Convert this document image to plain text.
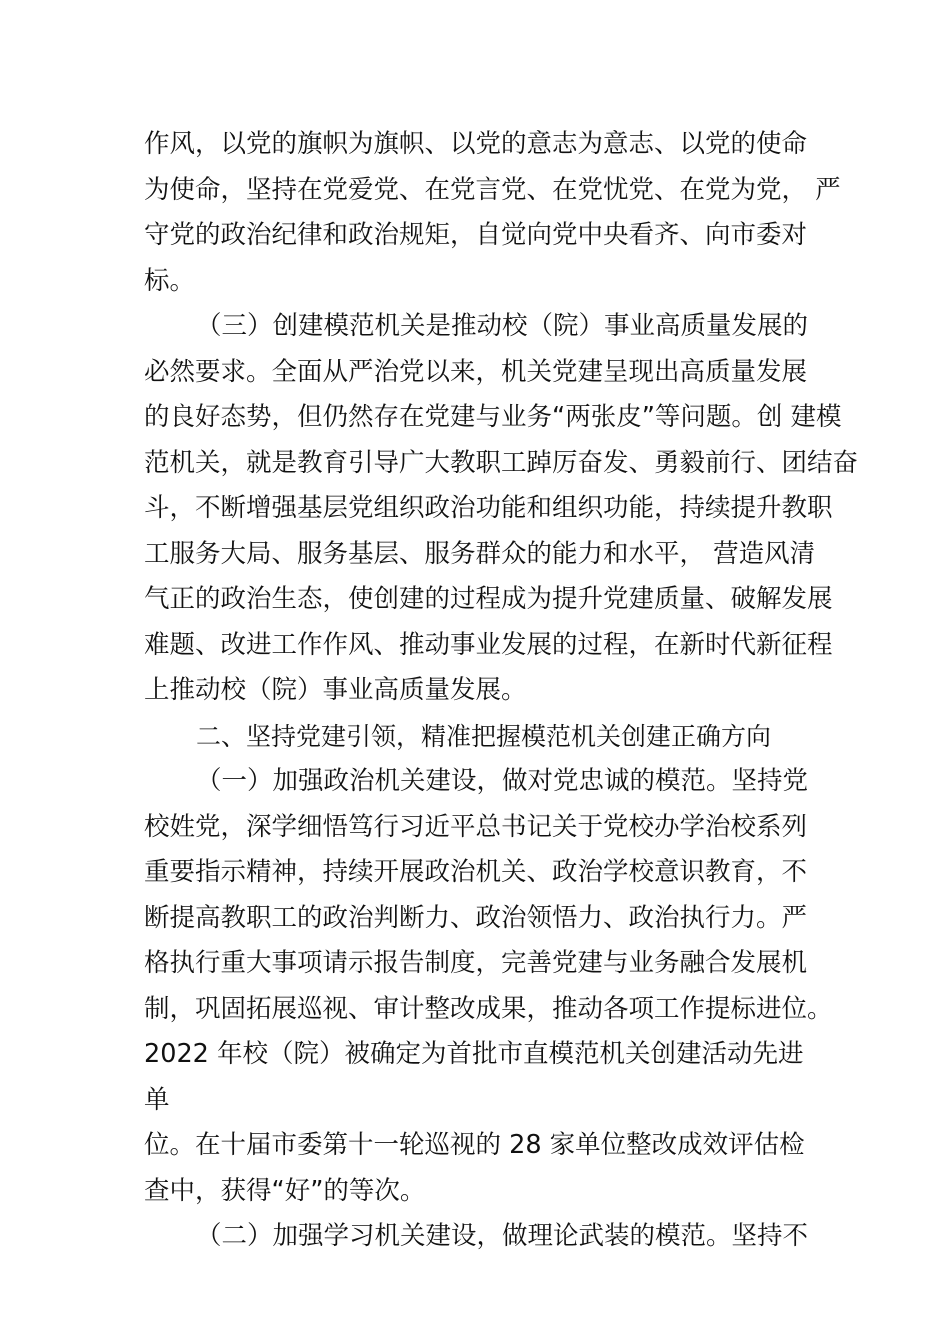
作风，以党的旗帜为旗帜、以党的意志为意志、以党的使命
为使命，坚持在党爱党、在党言党、在党忧党、在党为党， 严
守党的政治纪律和政治规矩，自觉向党中央看齐、向市委对
标。
（三）创建模范机关是推动校（院）事业高质量发展的
必然要求。全面从严治党以来，机关党建呈现出高质量发展
的良好态势，但仍然存在党建与业务“两张皮”等问题。创 建模
范机关，就是教育引导广大教职工踔厉奋发、勇毅前行、团结奋
斗，不断增强基层党组织政治功能和组织功能，持续提升教职
工服务大局、服务基层、服务群众的能力和水平， 营造风清
气正的政治生态，使创建的过程成为提升党建质量、破解发展
难题、改进工作作风、推动事业发展的过程，在新时代新征程
上推动校（院）事业高质量发展。
二、坚持党建引领，精准把握模范机关创建正确方向
（一）加强政治机关建设，做对党忠诚的模范。坚持党
校姓党，深学细悟笃行习近平总书记关于党校办学治校系列
重要指示精神，持续开展政治机关、政治学校意识教育，不
断提高教职工的政治判断力、政治领悟力、政治执行力。严
格执行重大事项请示报告制度，完善党建与业务融合发展机
制，巩固拓展巡视、审计整改成果，推动各项工作提标进位。
2022 年校（院）被确定为首批市直模范机关创建活动先进
单
位。在十届市委第十一轮巡视的 28 家单位整改成效评估检
查中，获得“好”的等次。
（二）加强学习机关建设，做理论武装的模范。坚持不
